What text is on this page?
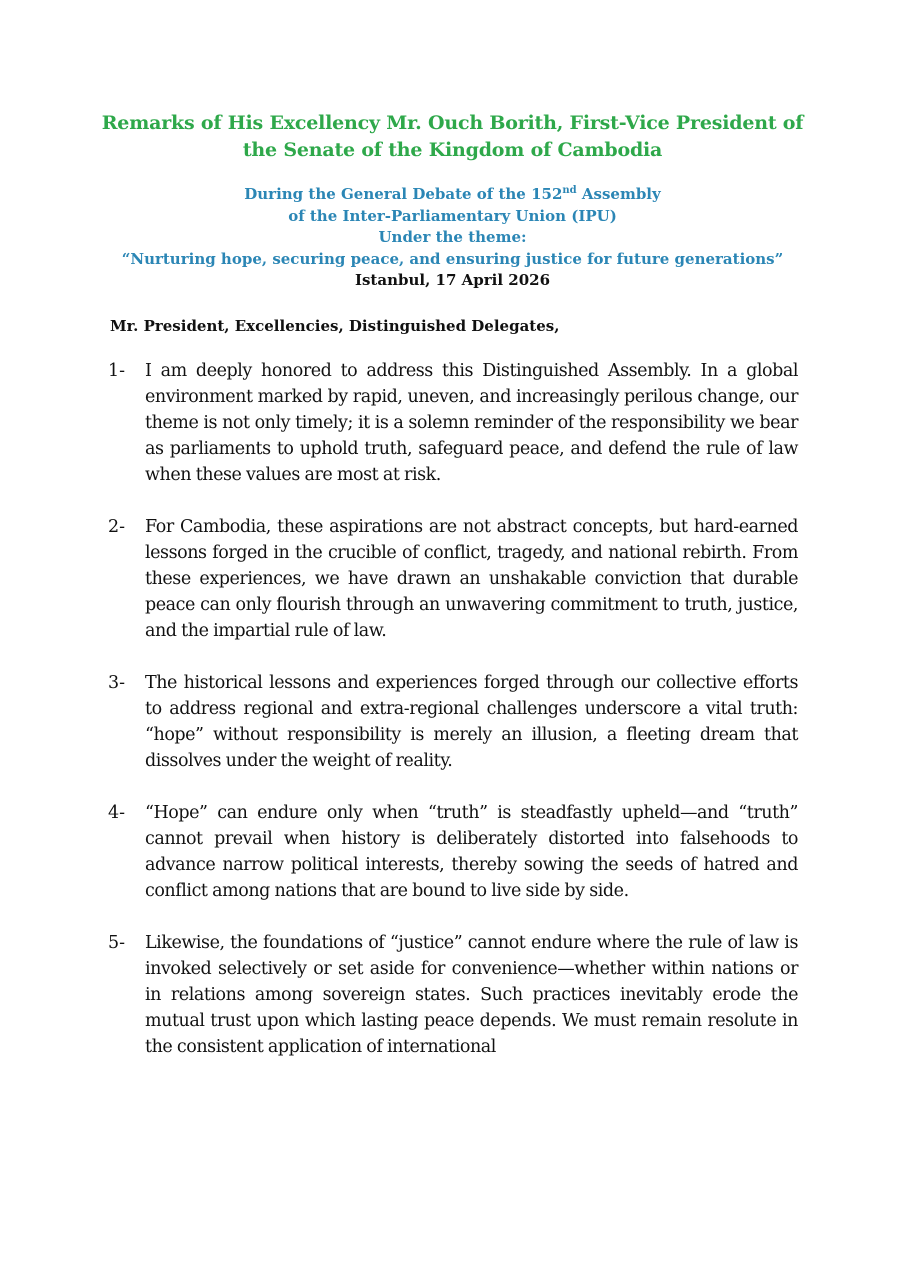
Remarks of His Excellency Mr. Ouch Borith, First-Vice President of
the Senate of the Kingdom of Cambodia
During the General Debate of the 152nd Assembly
of the Inter-Parliamentary Union (IPU)
Under the theme:
“Nurturing hope, securing peace, and ensuring justice for future generations”
Istanbul, 17 April 2026
Mr. President, Excellencies, Distinguished Delegates,
1- I am deeply honored to address this Distinguished Assembly. In a global environment marked by rapid, uneven, and increasingly perilous change, our theme is not only timely; it is a solemn reminder of the responsibility we bear as parliaments to uphold truth, safeguard peace, and defend the rule of law when these values are most at risk.
2- For Cambodia, these aspirations are not abstract concepts, but hard-earned lessons forged in the crucible of conflict, tragedy, and national rebirth. From these experiences, we have drawn an unshakable conviction that durable peace can only flourish through an unwavering commitment to truth, justice, and the impartial rule of law.
3- The historical lessons and experiences forged through our collective efforts to address regional and extra-regional challenges underscore a vital truth: “hope” without responsibility is merely an illusion, a fleeting dream that dissolves under the weight of reality.
4- “Hope” can endure only when “truth” is steadfastly upheld—and “truth” cannot prevail when history is deliberately distorted into falsehoods to advance narrow political interests, thereby sowing the seeds of hatred and conflict among nations that are bound to live side by side.
5- Likewise, the foundations of “justice” cannot endure where the rule of law is invoked selectively or set aside for convenience—whether within nations or in relations among sovereign states. Such practices inevitably erode the mutual trust upon which lasting peace depends. We must remain resolute in the consistent application of international
